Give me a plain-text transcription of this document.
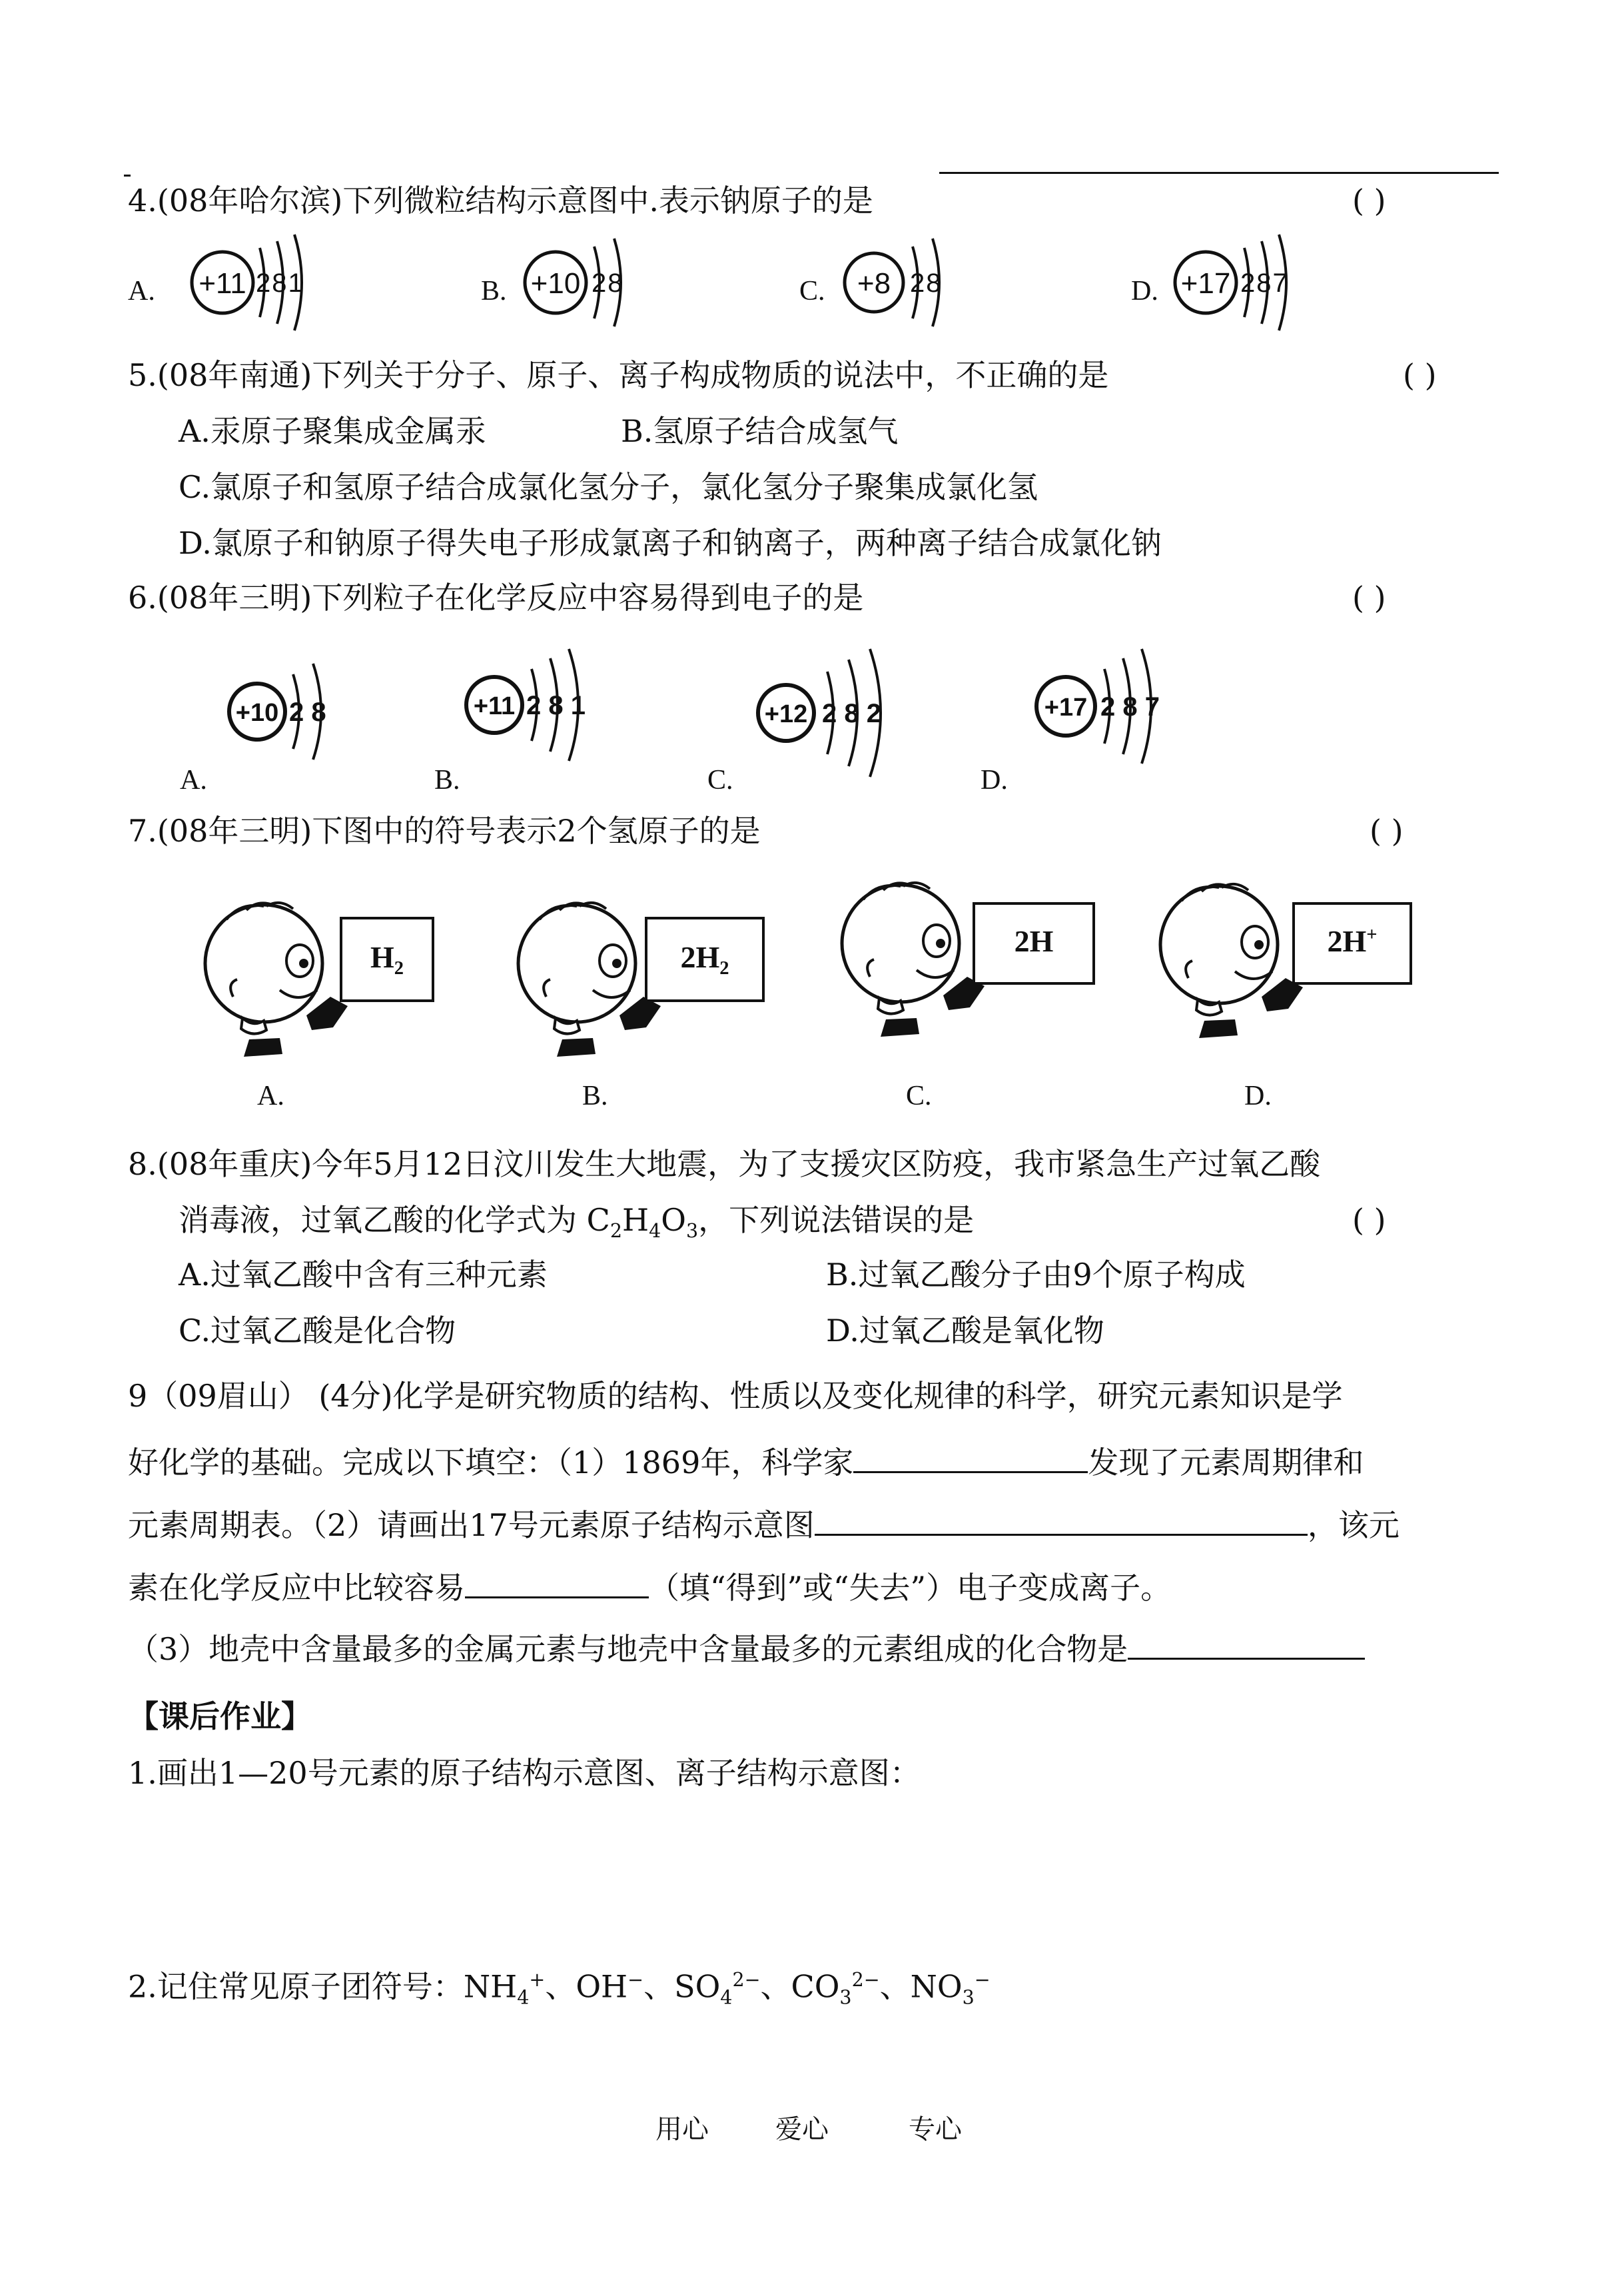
4.(08年哈尔滨)下列微粒结构示意图中.表示钠原子的是	( )
A. +11 281	B. +10 28	C. +8 28	D. +17 287
5.(08年南通)下列关于分子、原子、离子构成物质的说法中，不正确的是	( )
A.汞原子聚集成金属汞	B.氢原子结合成氢气
C.氯原子和氢原子结合成氯化氢分子，氯化氢分子聚集成氯化氢
D.氯原子和钠原子得失电子形成氯离子和钠离子，两种离子结合成氯化钠
6.(08年三明)下列粒子在化学反应中容易得到电子的是	( )
+10 2 8
A.
+11 2 8 1
B.
+12 2 8 2
C.
+17 2 8 7
D.
7.(08年三明)下图中的符号表示2个氢原子的是	( )
$H_2$
A.
$2H_2$
B.
2H
C.
2H+
D.
8.(08年重庆)今年5月12日汶川发生大地震，为了支援灾区防疫，我市紧急生产过氧乙酸
消毒液，过氧乙酸的化学式为 $C_2H_4O_3$，下列说法错误的是	( )
A.过氧乙酸中含有三种元素	B.过氧乙酸分子由9个原子构成
C.过氧乙酸是化合物	D.过氧乙酸是氧化物
9（09眉山） (4分)化学是研究物质的结构、性质以及变化规律的科学，研究元素知识是学
好化学的基础。完成以下填空：（1）1869年，科学家	发现了元素周期律和
元素周期表。（2）请画出17号元素原子结构示意图	，该元
素在化学反应中比较容易	（填“得到”或“失去”）电子变成离子。
（3）地壳中含量最多的金属元素与地壳中含量最多的元素组成的化合物是
【课后作业】
1.画出1—20号元素的原子结构示意图、离子结构示意图：
2.记住常见原子团符号：$NH_4^+$、OH−、$SO_4^{2-}$、$CO_3^{2-}$、$NO_3^-$
用心	爱心	专心
